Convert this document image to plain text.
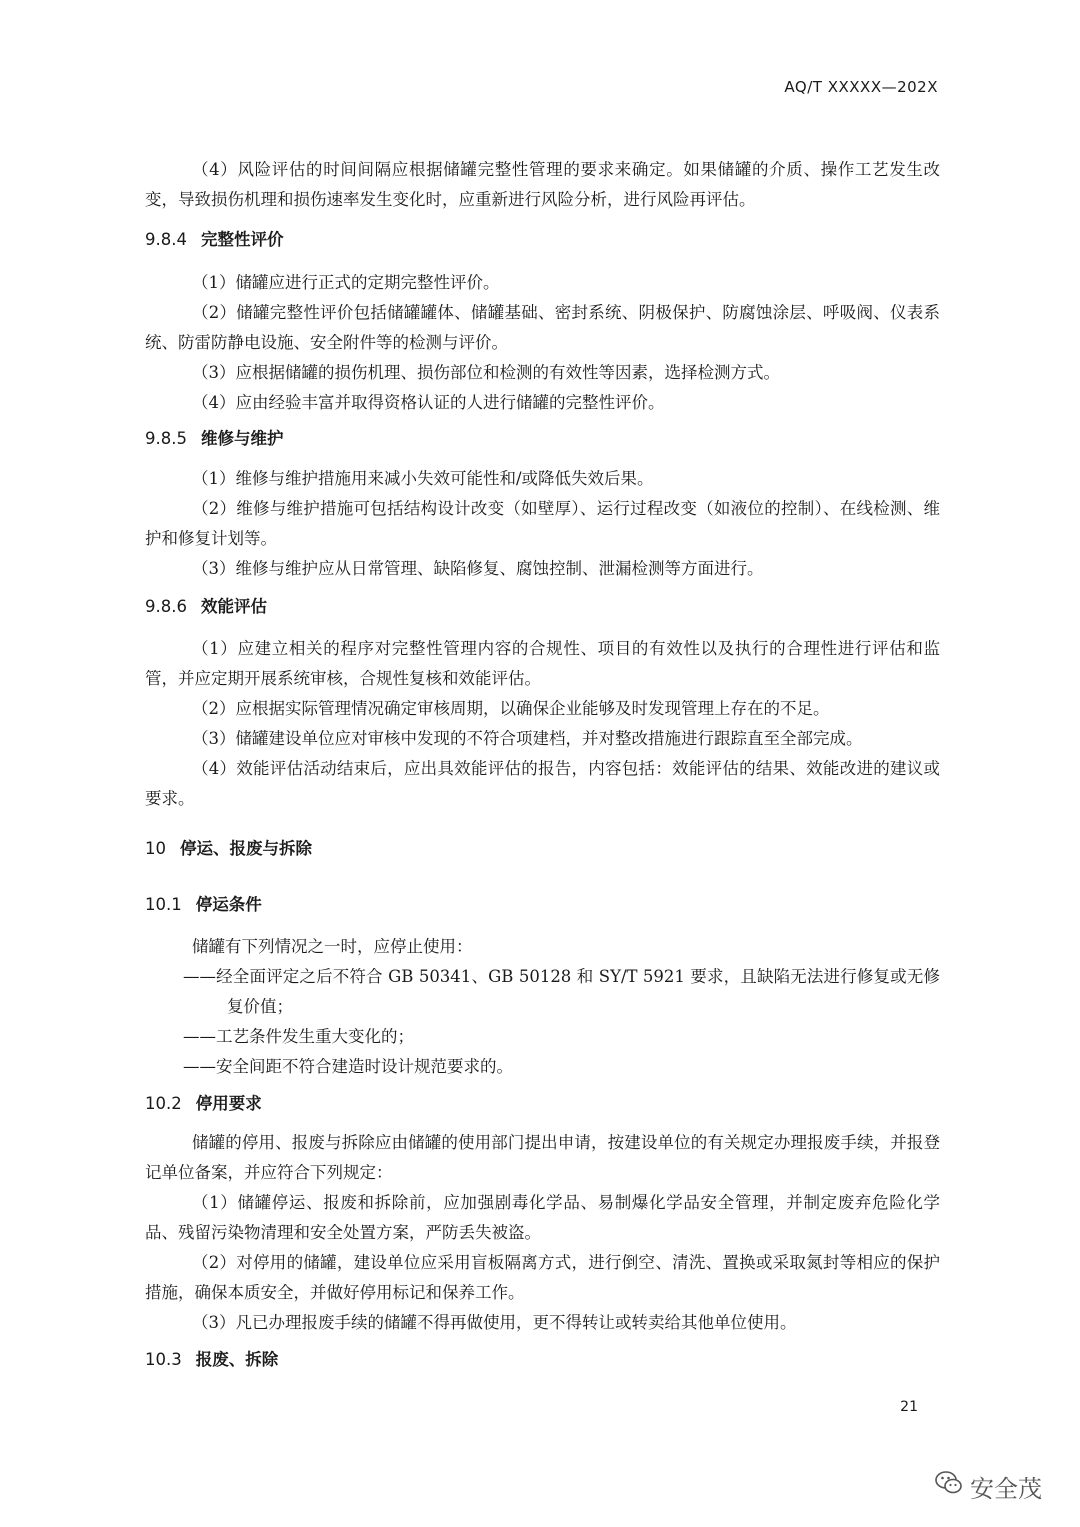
AQ/T XXXXX—202X

（4）风险评估的时间间隔应根据储罐完整性管理的要求来确定。如果储罐的介质、操作工艺发生改变，导致损伤机理和损伤速率发生变化时，应重新进行风险分析，进行风险再评估。

9.8.4 完整性评价

（1）储罐应进行正式的定期完整性评价。

（2）储罐完整性评价包括储罐罐体、储罐基础、密封系统、阴极保护、防腐蚀涂层、呼吸阀、仪表系统、防雷防静电设施、安全附件等的检测与评价。

（3）应根据储罐的损伤机理、损伤部位和检测的有效性等因素，选择检测方式。

（4）应由经验丰富并取得资格认证的人进行储罐的完整性评价。

9.8.5 维修与维护

（1）维修与维护措施用来减小失效可能性和/或降低失效后果。

（2）维修与维护措施可包括结构设计改变（如壁厚）、运行过程改变（如液位的控制）、在线检测、维护和修复计划等。

（3）维修与维护应从日常管理、缺陷修复、腐蚀控制、泄漏检测等方面进行。

9.8.6 效能评估

（1）应建立相关的程序对完整性管理内容的合规性、项目的有效性以及执行的合理性进行评估和监管，并应定期开展系统审核，合规性复核和效能评估。

（2）应根据实际管理情况确定审核周期，以确保企业能够及时发现管理上存在的不足。

（3）储罐建设单位应对审核中发现的不符合项建档，并对整改措施进行跟踪直至全部完成。

（4）效能评估活动结束后，应出具效能评估的报告，内容包括：效能评估的结果、效能改进的建议或要求。

10 停运、报废与拆除
10.1 停运条件

储罐有下列情况之一时，应停止使用：

——经全面评定之后不符合 GB 50341、GB 50128 和 SY/T 5921 要求，且缺陷无法进行修复或无修复价值；

——工艺条件发生重大变化的；

——安全间距不符合建造时设计规范要求的。

10.2 停用要求

储罐的停用、报废与拆除应由储罐的使用部门提出申请，按建设单位的有关规定办理报废手续，并报登记单位备案，并应符合下列规定：

（1）储罐停运、报废和拆除前，应加强剧毒化学品、易制爆化学品安全管理，并制定废弃危险化学品、残留污染物清理和安全处置方案，严防丢失被盗。

（2）对停用的储罐，建设单位应采用盲板隔离方式，进行倒空、清洗、置换或采取氮封等相应的保护措施，确保本质安全，并做好停用标记和保养工作。

（3）凡已办理报废手续的储罐不得再做使用，更不得转让或转卖给其他单位使用。

10.3 报废、拆除
21
安全茂
